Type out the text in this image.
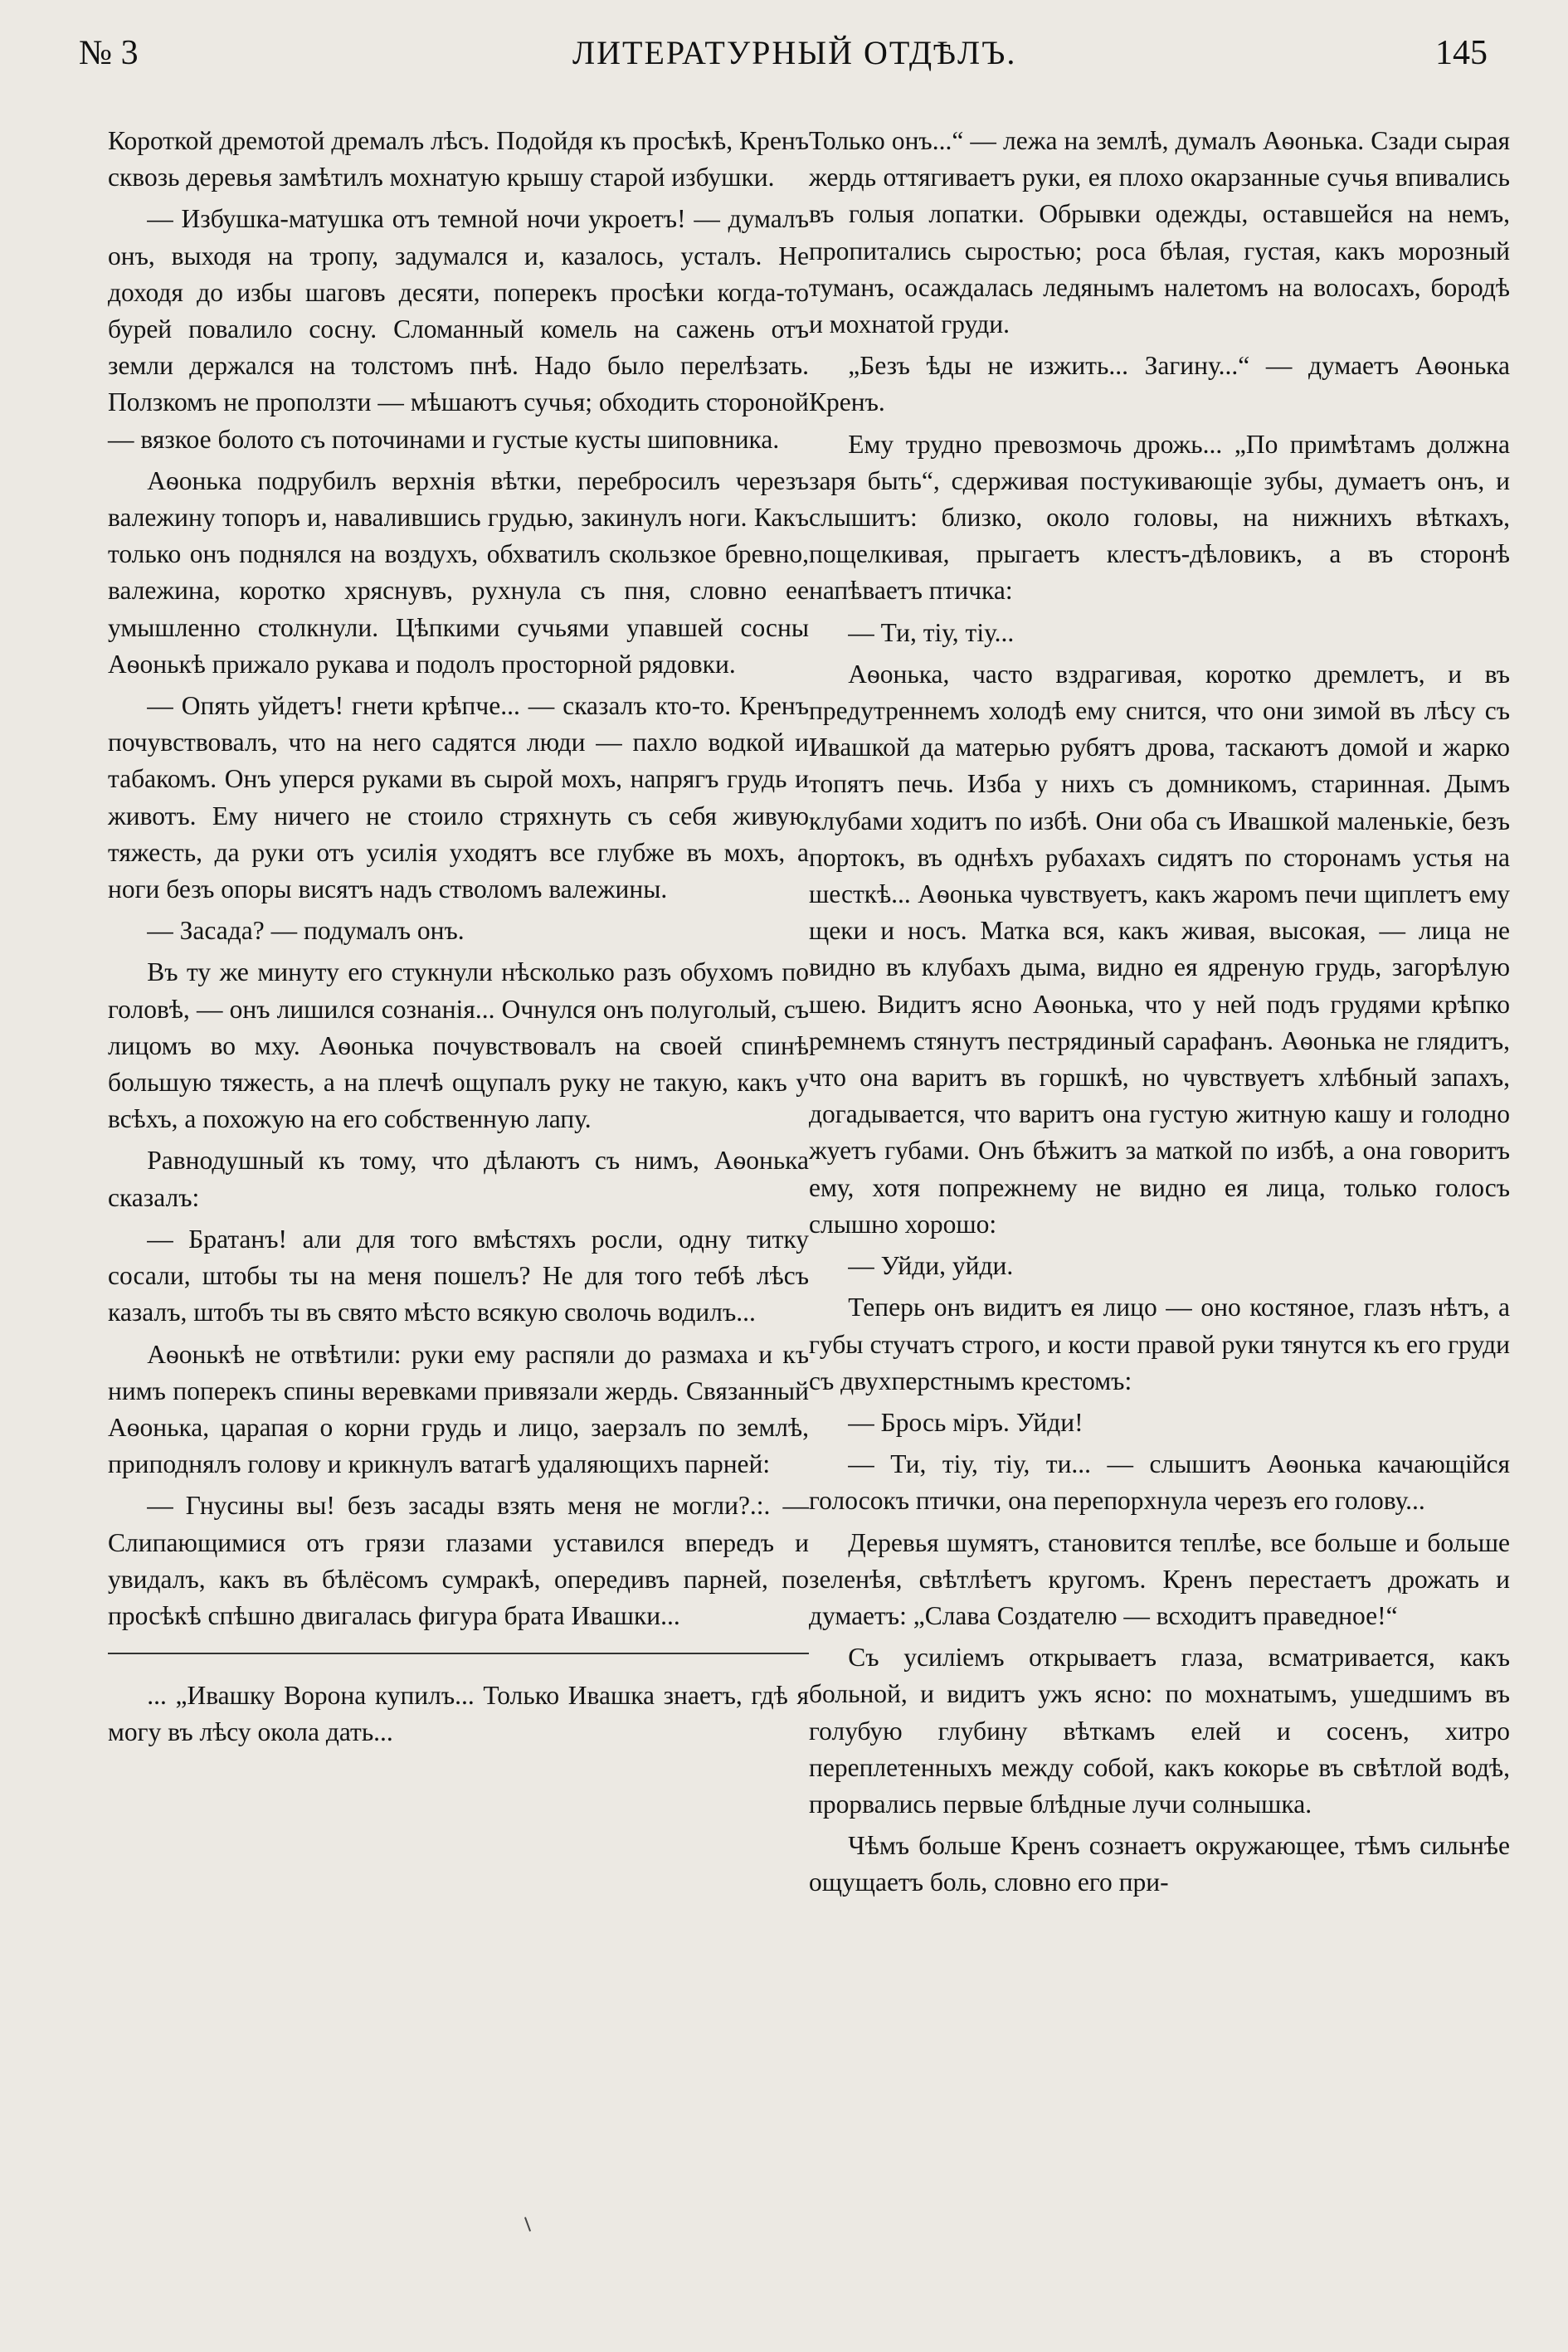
№ 3	ЛИТЕРАТУРНЫЙ ОТДѢЛЪ.	145

Короткой дремотой дремалъ лѣсъ. Подойдя къ просѣкѣ, Кренъ сквозь деревья замѣтилъ мохнатую крышу старой избушки.

— Избушка-матушка отъ темной ночи укроетъ! — думалъ онъ, выходя на тропу, задумался и, казалось, усталъ. Не доходя до избы шаговъ десяти, поперекъ просѣки когда-то бурей повалило сосну. Сломанный комель на сажень отъ земли держался на толстомъ пнѣ. Надо было перелѣзать. Ползкомъ не проползти — мѣшаютъ сучья; обходить стороной — вязкое болото съ поточинами и густые кусты шиповника.

Аѳонька подрубилъ верхнія вѣтки, перебросилъ черезъ валежину топоръ и, навалившись грудью, закинулъ ноги. Какъ только онъ поднялся на воздухъ, обхватилъ скользкое бревно, валежина, коротко хряснувъ, рухнула съ пня, словно ее умышленно столкнули. Цѣпкими сучьями упавшей сосны Аѳонькѣ прижало рукава и подолъ просторной рядовки.

— Опять уйдетъ! гнети крѣпче... — сказалъ кто-то. Кренъ почувствовалъ, что на него садятся люди — пахло водкой и табакомъ. Онъ уперся руками въ сырой мохъ, напрягъ грудь и животъ. Ему ничего не стоило стряхнуть съ себя живую тяжесть, да руки отъ усилія уходятъ все глубже въ мохъ, а ноги безъ опоры висятъ надъ стволомъ валежины.

— Засада? — подумалъ онъ.

Въ ту же минуту его стукнули нѣсколько разъ обухомъ по головѣ, — онъ лишился сознанія... Очнулся онъ полуголый, съ лицомъ во мху. Аѳонька почувствовалъ на своей спинѣ большую тяжесть, а на плечѣ ощупалъ руку не такую, какъ у всѣхъ, а похожую на его собственную лапу.

Равнодушный къ тому, что дѣлаютъ съ нимъ, Аѳонька сказалъ:

— Братанъ! али для того вмѣстяхъ росли, одну титку сосали, штобы ты на меня пошелъ? Не для того тебѣ лѣсъ казалъ, штобъ ты въ свято мѣсто всякую сволочь водилъ...

Аѳонькѣ не отвѣтили: руки ему распяли до размаха и къ нимъ поперекъ спины веревками привязали жердь. Связанный Аѳонька, царапая о корни грудь и лицо, заерзалъ по землѣ, приподнялъ голову и крикнулъ ватагѣ удаляющихъ парней:

— Гнусины вы! безъ засады взять меня не могли?.:. — Слипающимися отъ грязи глазами уставился впередъ и увидалъ, какъ въ бѣлёсомъ сумракѣ, опередивъ парней, по просѣкѣ спѣшно двигалась фигура брата Ивашки...

... „Ивашку Ворона купилъ... Только Ивашка знаетъ, гдѣ я могу въ лѣсу окола дать...

Только онъ...“ — лежа на землѣ, думалъ Аѳонька. Сзади сырая жердь оттягиваетъ руки, ея плохо окарзанные сучья впивались въ голыя лопатки. Обрывки одежды, оставшейся на немъ, пропитались сыростью; роса бѣлая, густая, какъ морозный туманъ, осаждалась ледянымъ налетомъ на волосахъ, бородѣ и мохнатой груди.

„Безъ ѣды не изжить... Загину...“ — думаетъ Аѳонька Кренъ.

Ему трудно превозмочь дрожь... „По примѣтамъ должна заря быть“, сдерживая постукивающіе зубы, думаетъ онъ, и слышитъ: близко, около головы, на нижнихъ вѣткахъ, пощелкивая, прыгаетъ клестъ-дѣловикъ, а въ сторонѣ напѣваетъ птичка:

— Ти, тіу, тіу...

Аѳонька, часто вздрагивая, коротко дремлетъ, и въ предутреннемъ холодѣ ему снится, что они зимой въ лѣсу съ Ивашкой да матерью рубятъ дрова, таскаютъ домой и жарко топятъ печь. Изба у нихъ съ домникомъ, старинная. Дымъ клубами ходитъ по избѣ. Они оба съ Ивашкой маленькіе, безъ портокъ, въ однѣхъ рубахахъ сидятъ по сторонамъ устья на шесткѣ... Аѳонька чувствуетъ, какъ жаромъ печи щиплетъ ему щеки и носъ. Матка вся, какъ живая, высокая, — лица не видно въ клубахъ дыма, видно ея ядреную грудь, загорѣлую шею. Видитъ ясно Аѳонька, что у ней подъ грудями крѣпко ремнемъ стянутъ пестрядиный сарафанъ. Аѳонька не глядитъ, что она варитъ въ горшкѣ, но чувствуетъ хлѣбный запахъ, догадывается, что варитъ она густую житную кашу и голодно жуетъ губами. Онъ бѣжитъ за маткой по избѣ, а она говоритъ ему, хотя попрежнему не видно ея лица, только голосъ слышно хорошо:

— Уйди, уйди.

Теперь онъ видитъ ея лицо — оно костяное, глазъ нѣтъ, а губы стучатъ строго, и кости правой руки тянутся къ его груди съ двухперстнымъ крестомъ:

— Брось міръ. Уйди!

— Ти, тіу, тіу, ти... — слышитъ Аѳонька качающійся голосокъ птички, она перепорхнула черезъ его голову...

Деревья шумятъ, становится теплѣе, все больше и больше зеленѣя, свѣтлѣетъ кругомъ. Кренъ перестаетъ дрожать и думаетъ: „Слава Создателю — всходитъ праведное!“

Съ усиліемъ открываетъ глаза, всматривается, какъ больной, и видитъ ужъ ясно: по мохнатымъ, ушедшимъ въ голубую глубину вѣткамъ елей и сосенъ, хитро переплетенныхъ между собой, какъ кокорье въ свѣтлой водѣ, прорвались первые блѣдные лучи солнышка.

Чѣмъ больше Кренъ сознаетъ окружающее, тѣмъ сильнѣе ощущаетъ боль, словно его при-
